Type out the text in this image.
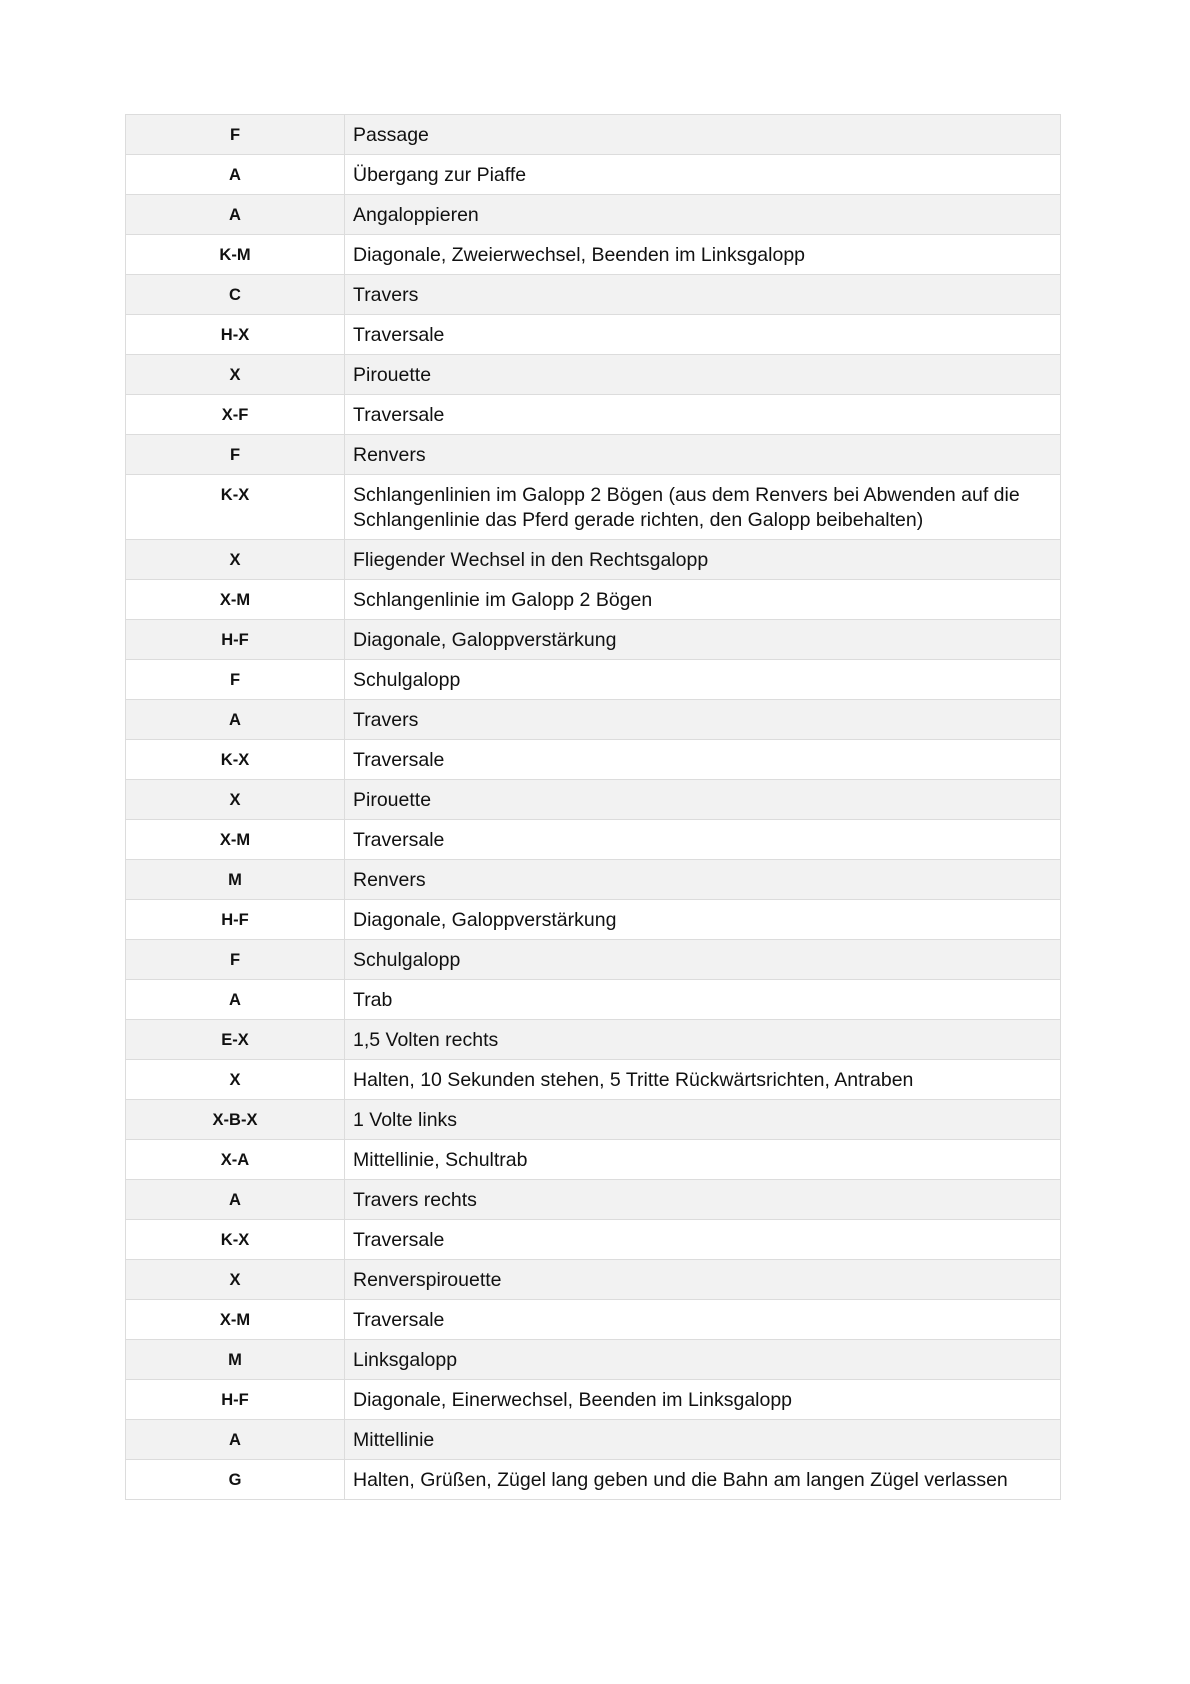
F	Passage
A	Übergang zur Piaffe
A	Angaloppieren
K-M	Diagonale, Zweierwechsel, Beenden im Linksgalopp
C	Travers
H-X	Traversale
X	Pirouette
X-F	Traversale
F	Renvers
K-X	Schlangenlinien im Galopp 2 Bögen (aus dem Renvers bei Abwenden auf die Schlangenlinie das Pferd gerade richten, den Galopp beibehalten)
X	Fliegender Wechsel in den Rechtsgalopp
X-M	Schlangenlinie im Galopp 2 Bögen
H-F	Diagonale, Galoppverstärkung
F	Schulgalopp
A	Travers
K-X	Traversale
X	Pirouette
X-M	Traversale
M	Renvers
H-F	Diagonale, Galoppverstärkung
F	Schulgalopp
A	Trab
E-X	1,5 Volten rechts
X	Halten, 10 Sekunden stehen, 5 Tritte Rückwärtsrichten, Antraben
X-B-X	1 Volte links
X-A	Mittellinie, Schultrab
A	Travers rechts
K-X	Traversale
X	Renverspirouette
X-M	Traversale
M	Linksgalopp
H-F	Diagonale, Einerwechsel, Beenden im Linksgalopp
A	Mittellinie
G	Halten, Grüßen, Zügel lang geben und die Bahn am langen Zügel verlassen
